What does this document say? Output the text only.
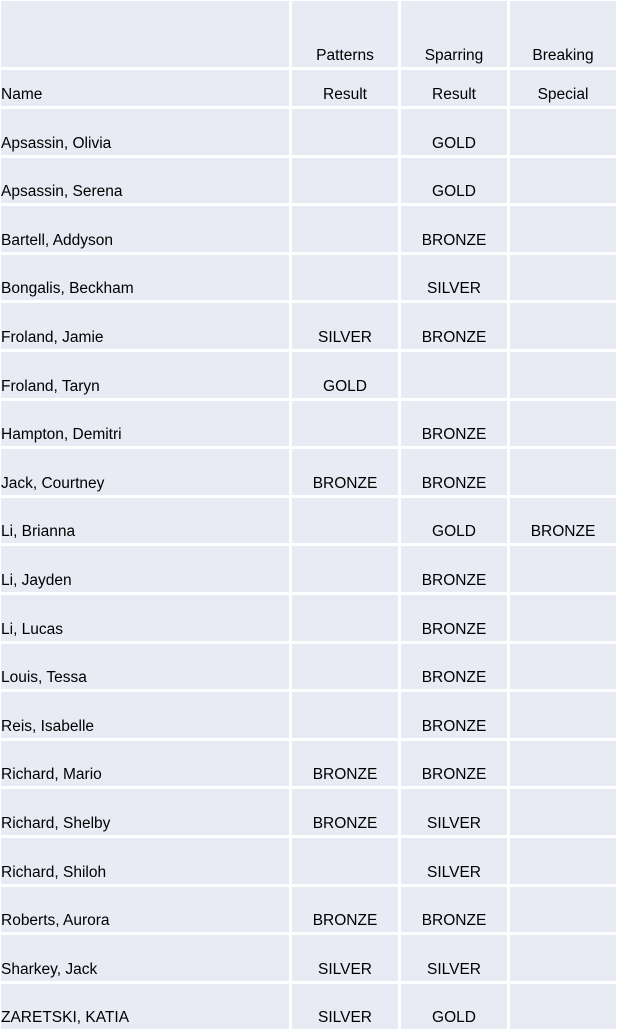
	Patterns	Sparring	Breaking
Name	Result	Result	Special
Apsassin, Olivia		GOLD	
Apsassin, Serena		GOLD	
Bartell, Addyson		BRONZE	
Bongalis, Beckham		SILVER	
Froland, Jamie	SILVER	BRONZE	
Froland, Taryn	GOLD		
Hampton, Demitri		BRONZE	
Jack, Courtney	BRONZE	BRONZE	
Li, Brianna		GOLD	BRONZE
Li, Jayden		BRONZE	
Li, Lucas		BRONZE	
Louis, Tessa		BRONZE	
Reis, Isabelle		BRONZE	
Richard, Mario	BRONZE	BRONZE	
Richard, Shelby	BRONZE	SILVER	
Richard, Shiloh		SILVER	
Roberts, Aurora	BRONZE	BRONZE	
Sharkey, Jack	SILVER	SILVER	
ZARETSKI, KATIA	SILVER	GOLD	
